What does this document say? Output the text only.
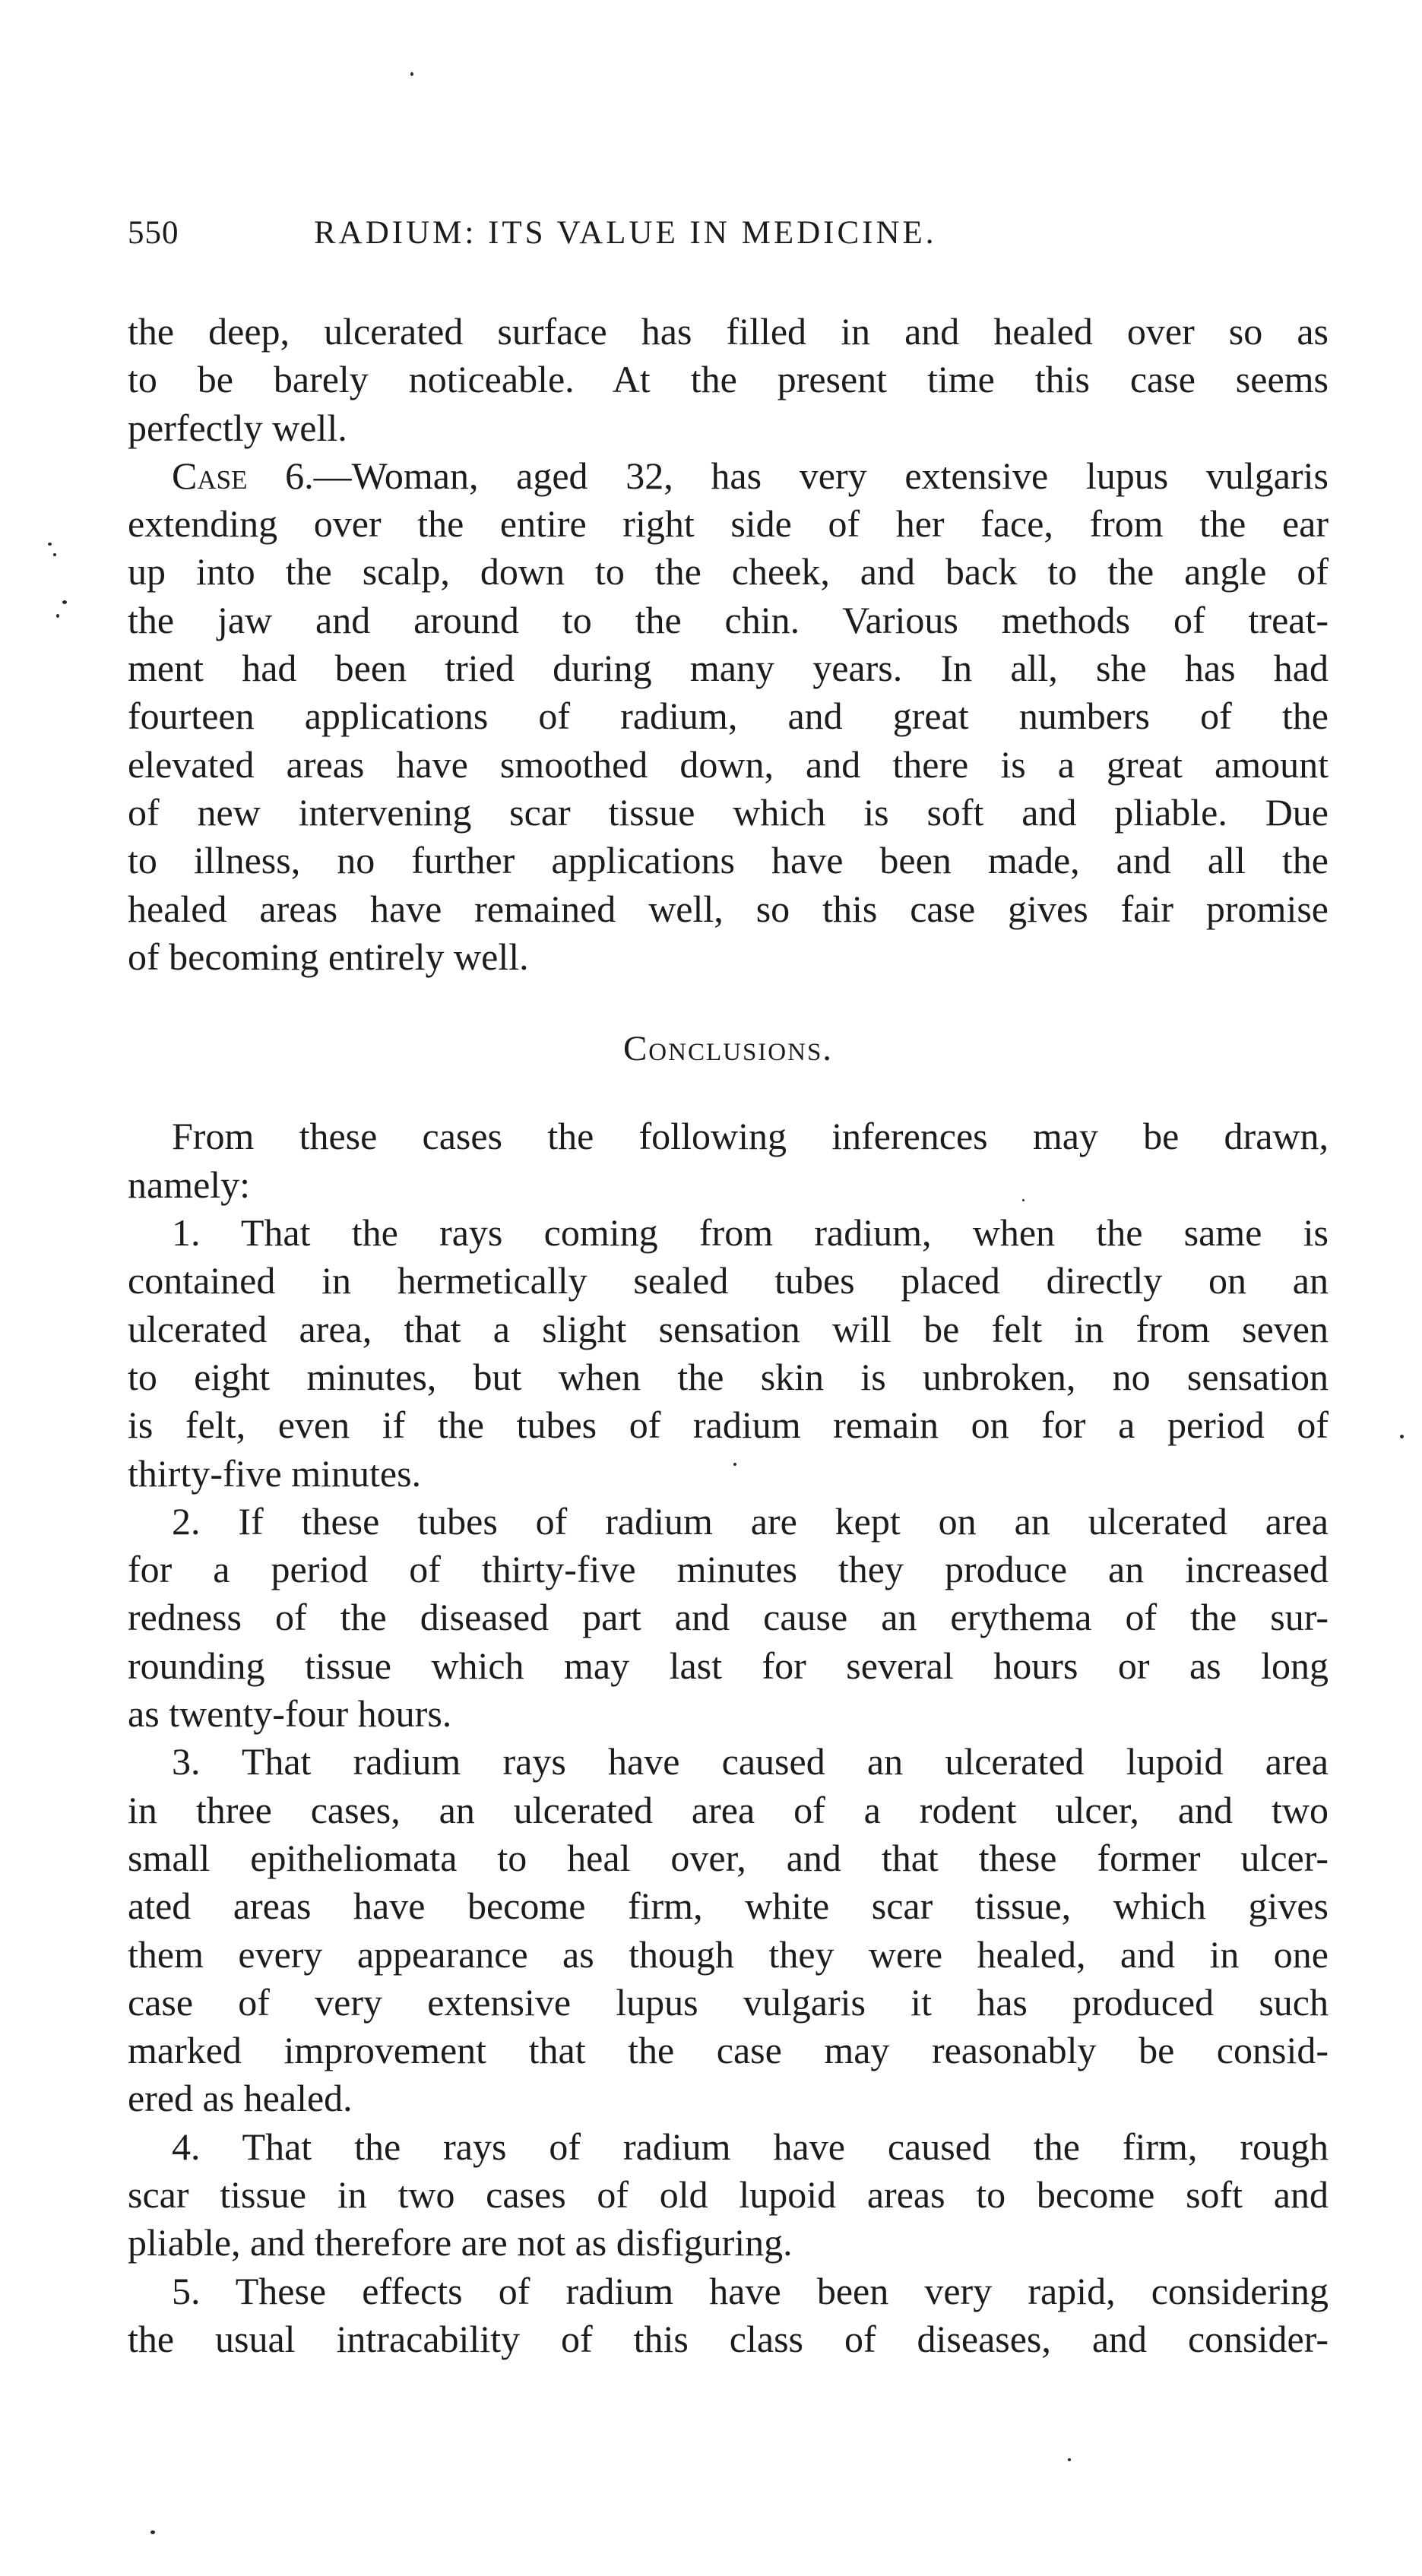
550	RADIUM: ITS VALUE IN MEDICINE.
the deep, ulcerated surface has filled in and healed over so as
to be barely noticeable. At the present time this case seems
perfectly well.
Case 6.—Woman, aged 32, has very extensive lupus vulgaris
extending over the entire right side of her face, from the ear
up into the scalp, down to the cheek, and back to the angle of
the jaw and around to the chin. Various methods of treat-
ment had been tried during many years. In all, she has had
fourteen applications of radium, and great numbers of the
elevated areas have smoothed down, and there is a great amount
of new intervening scar tissue which is soft and pliable. Due
to illness, no further applications have been made, and all the
healed areas have remained well, so this case gives fair promise
of becoming entirely well.
Conclusions.
From these cases the following inferences may be drawn,
namely:
1. That the rays coming from radium, when the same is
contained in hermetically sealed tubes placed directly on an
ulcerated area, that a slight sensation will be felt in from seven
to eight minutes, but when the skin is unbroken, no sensation
is felt, even if the tubes of radium remain on for a period of
thirty-five minutes.
2. If these tubes of radium are kept on an ulcerated area
for a period of thirty-five minutes they produce an increased
redness of the diseased part and cause an erythema of the sur-
rounding tissue which may last for several hours or as long
as twenty-four hours.
3. That radium rays have caused an ulcerated lupoid area
in three cases, an ulcerated area of a rodent ulcer, and two
small epitheliomata to heal over, and that these former ulcer-
ated areas have become firm, white scar tissue, which gives
them every appearance as though they were healed, and in one
case of very extensive lupus vulgaris it has produced such
marked improvement that the case may reasonably be consid-
ered as healed.
4. That the rays of radium have caused the firm, rough
scar tissue in two cases of old lupoid areas to become soft and
pliable, and therefore are not as disfiguring.
5. These effects of radium have been very rapid, considering
the usual intracability of this class of diseases, and consider-
